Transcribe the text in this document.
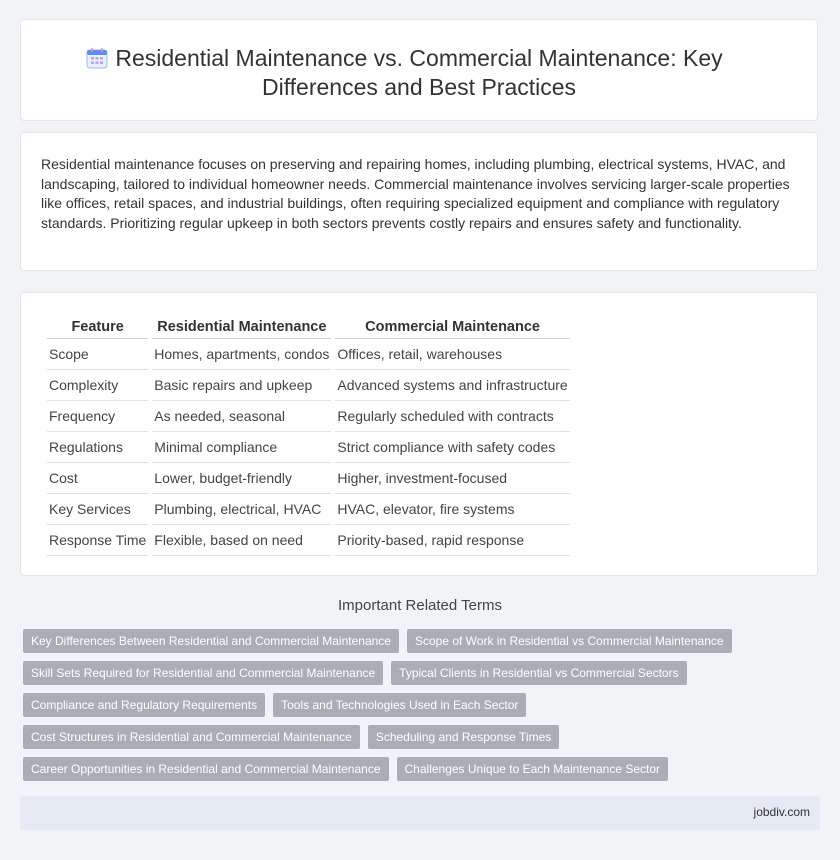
Residential Maintenance vs. Commercial Maintenance: Key Differences and Best Practices

Residential maintenance focuses on preserving and repairing homes, including plumbing, electrical systems, HVAC, and landscaping, tailored to individual homeowner needs. Commercial maintenance involves servicing larger-scale properties like offices, retail spaces, and industrial buildings, often requiring specialized equipment and compliance with regulatory standards. Prioritizing regular upkeep in both sectors prevents costly repairs and ensures safety and functionality.

Feature	Residential Maintenance	Commercial Maintenance
Scope	Homes, apartments, condos	Offices, retail, warehouses
Complexity	Basic repairs and upkeep	Advanced systems and infrastructure
Frequency	As needed, seasonal	Regularly scheduled with contracts
Regulations	Minimal compliance	Strict compliance with safety codes
Cost	Lower, budget-friendly	Higher, investment-focused
Key Services	Plumbing, electrical, HVAC	HVAC, elevator, fire systems
Response Time	Flexible, based on need	Priority-based, rapid response
Important Related Terms
Key Differences Between Residential and Commercial Maintenance	Scope of Work in Residential vs Commercial Maintenance
Skill Sets Required for Residential and Commercial Maintenance	Typical Clients in Residential vs Commercial Sectors
Compliance and Regulatory Requirements	Tools and Technologies Used in Each Sector
Cost Structures in Residential and Commercial Maintenance	Scheduling and Response Times
Career Opportunities in Residential and Commercial Maintenance	Challenges Unique to Each Maintenance Sector
jobdiv.com
